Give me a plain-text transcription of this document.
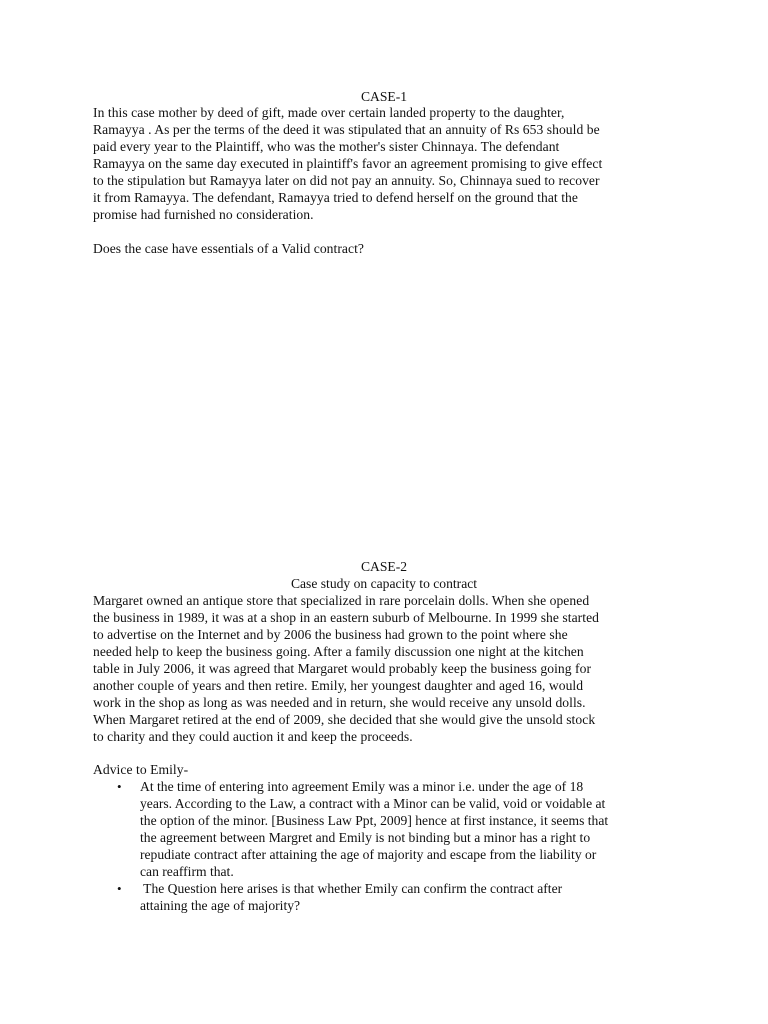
CASE-1
In this case mother by deed of gift, made over certain landed property to the daughter,
Ramayya . As per the terms of the deed it was stipulated that an annuity of Rs 653 should be
paid every year to the Plaintiff, who was the mother's sister Chinnaya. The defendant
Ramayya on the same day executed in plaintiff's favor an agreement promising to give effect
to the stipulation but Ramayya later on did not pay an annuity. So, Chinnaya sued to recover
it from Ramayya. The defendant, Ramayya tried to defend herself on the ground that the
promise had furnished no consideration.
Does the case have essentials of a Valid contract?
CASE-2
Case study on capacity to contract
Margaret owned an antique store that specialized in rare porcelain dolls. When she opened
the business in 1989, it was at a shop in an eastern suburb of Melbourne. In 1999 she started
to advertise on the Internet and by 2006 the business had grown to the point where she
needed help to keep the business going. After a family discussion one night at the kitchen
table in July 2006, it was agreed that Margaret would probably keep the business going for
another couple of years and then retire. Emily, her youngest daughter and aged 16, would
work in the shop as long as was needed and in return, she would receive any unsold dolls.
When Margaret retired at the end of 2009, she decided that she would give the unsold stock
to charity and they could auction it and keep the proceeds.
Advice to Emily-
• At the time of entering into agreement Emily was a minor i.e. under the age of 18
years. According to the Law, a contract with a Minor can be valid, void or voidable at
the option of the minor. [Business Law Ppt, 2009] hence at first instance, it seems that
the agreement between Margret and Emily is not binding but a minor has a right to
repudiate contract after attaining the age of majority and escape from the liability or
can reaffirm that.
• The Question here arises is that whether Emily can confirm the contract after
attaining the age of majority?
